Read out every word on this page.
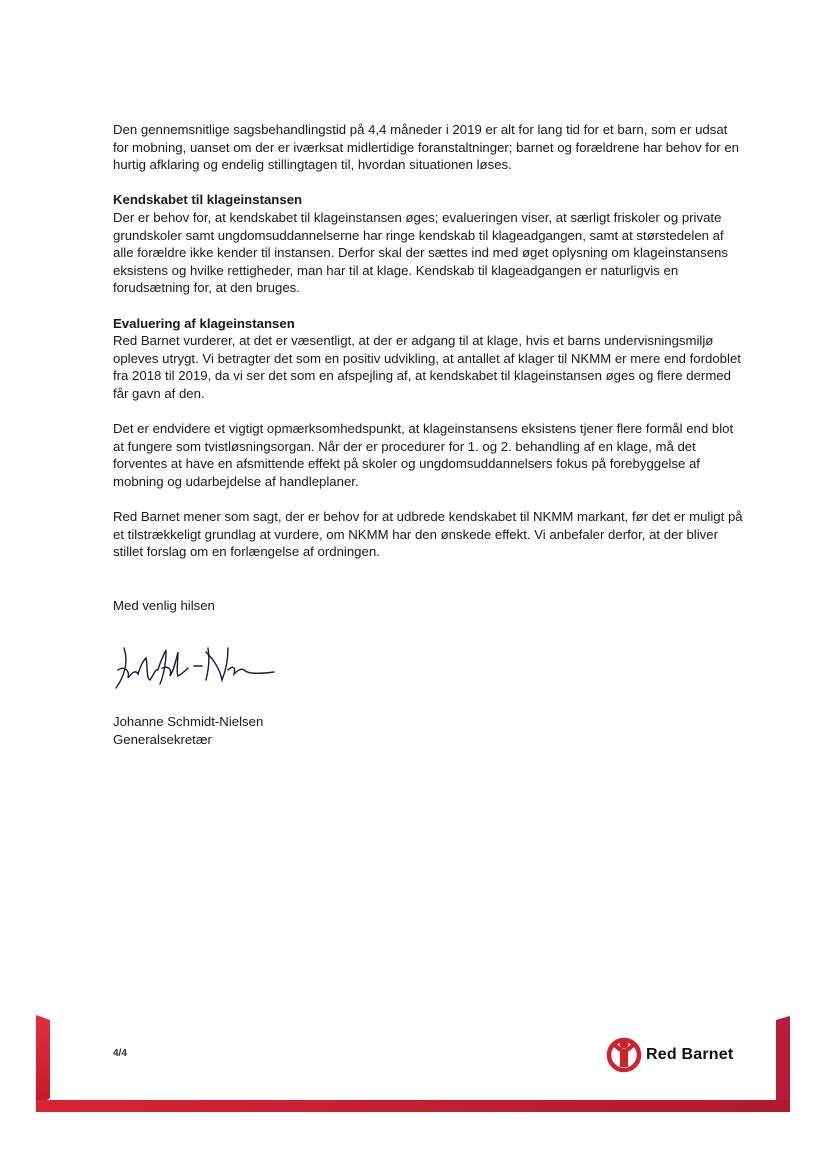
Den gennemsnitlige sagsbehandlingstid på 4,4 måneder i 2019 er alt for lang tid for et barn, som er udsat for mobning, uanset om der er iværksat midlertidige foranstaltninger; barnet og forældrene har behov for en hurtig afklaring og endelig stillingtagen til, hvordan situationen løses.

Kendskabet til klageinstansen

Der er behov for, at kendskabet til klageinstansen øges; evalueringen viser, at særligt friskoler og private grundskoler samt ungdomsuddannelserne har ringe kendskab til klageadgangen, samt at størstedelen af alle forældre ikke kender til instansen. Derfor skal der sættes ind med øget oplysning om klageinstansens eksistens og hvilke rettigheder, man har til at klage. Kendskab til klageadgangen er naturligvis en forudsætning for, at den bruges.

Evaluering af klageinstansen

Red Barnet vurderer, at det er væsentligt, at der er adgang til at klage, hvis et barns undervisningsmiljø opleves utrygt. Vi betragter det som en positiv udvikling, at antallet af klager til NKMM er mere end fordoblet fra 2018 til 2019, da vi ser det som en afspejling af, at kendskabet til klageinstansen øges og flere dermed får gavn af den.

Det er endvidere et vigtigt opmærksomhedspunkt, at klageinstansens eksistens tjener flere formål end blot at fungere som tvistløsningsorgan. Når der er procedurer for 1. og 2. behandling af en klage, må det forventes at have en afsmittende effekt på skoler og ungdomsuddannelsers fokus på forebyggelse af mobning og udarbejdelse af handleplaner.

Red Barnet mener som sagt, der er behov for at udbrede kendskabet til NKMM markant, før det er muligt på et tilstrækkeligt grundlag at vurdere, om NKMM har den ønskede effekt. Vi anbefaler derfor, at der bliver stillet forslag om en forlængelse af ordningen.

Med venlig hilsen
Johanne Schmidt-Nielsen
Generalsekretær
4/4	Red Barnet
